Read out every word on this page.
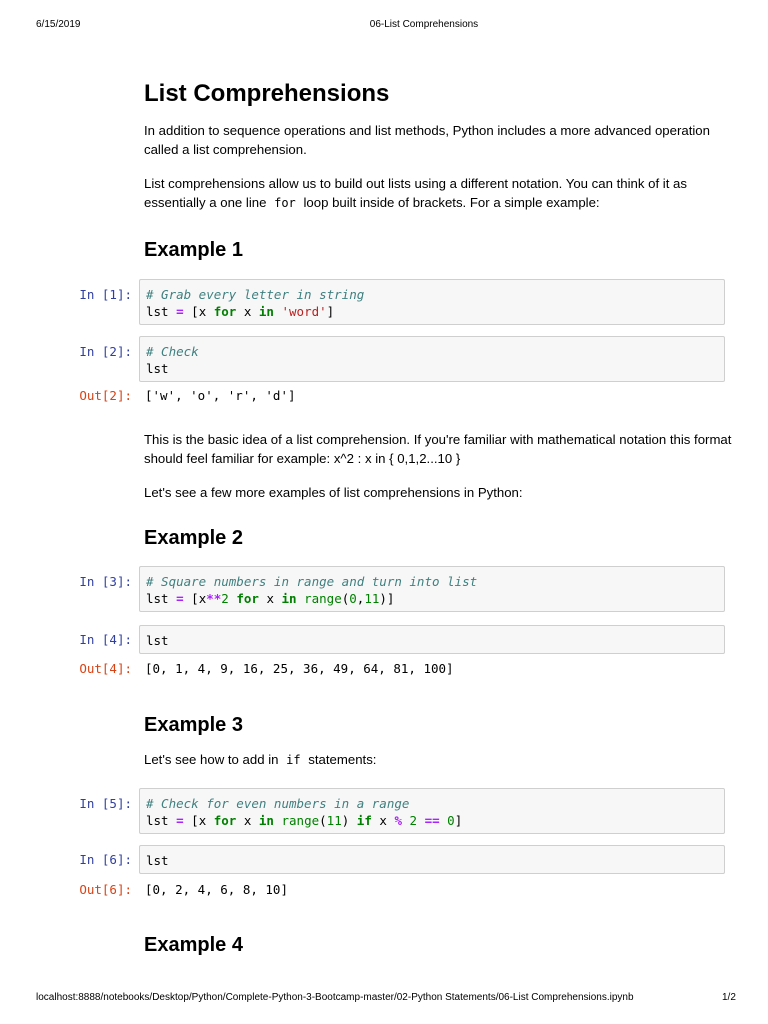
6/15/2019	06-List Comprehensions
List Comprehensions

In addition to sequence operations and list methods, Python includes a more advanced operation called a list comprehension.

List comprehensions allow us to build out lists using a different notation. You can think of it as essentially a one line for loop built inside of brackets. For a simple example:

Example 1
In [1]: # Grab every letter in string
lst = [x for x in 'word']
In [2]: # Check
lst
Out[2]: ['w', 'o', 'r', 'd']

This is the basic idea of a list comprehension. If you're familiar with mathematical notation this format should feel familiar for example: x^2 : x in { 0,1,2...10 }

Let's see a few more examples of list comprehensions in Python:

Example 2
In [3]: # Square numbers in range and turn into list
lst = [x**2 for x in range(0,11)]
In [4]: lst
Out[4]: [0, 1, 4, 9, 16, 25, 36, 49, 64, 81, 100]
Example 3

Let's see how to add in if statements:

In [5]: # Check for even numbers in a range
lst = [x for x in range(11) if x % 2 == 0]
In [6]: lst
Out[6]: [0, 2, 4, 6, 8, 10]
Example 4
localhost:8888/notebooks/Desktop/Python/Complete-Python-3-Bootcamp-master/02-Python Statements/06-List Comprehensions.ipynb	1/2
